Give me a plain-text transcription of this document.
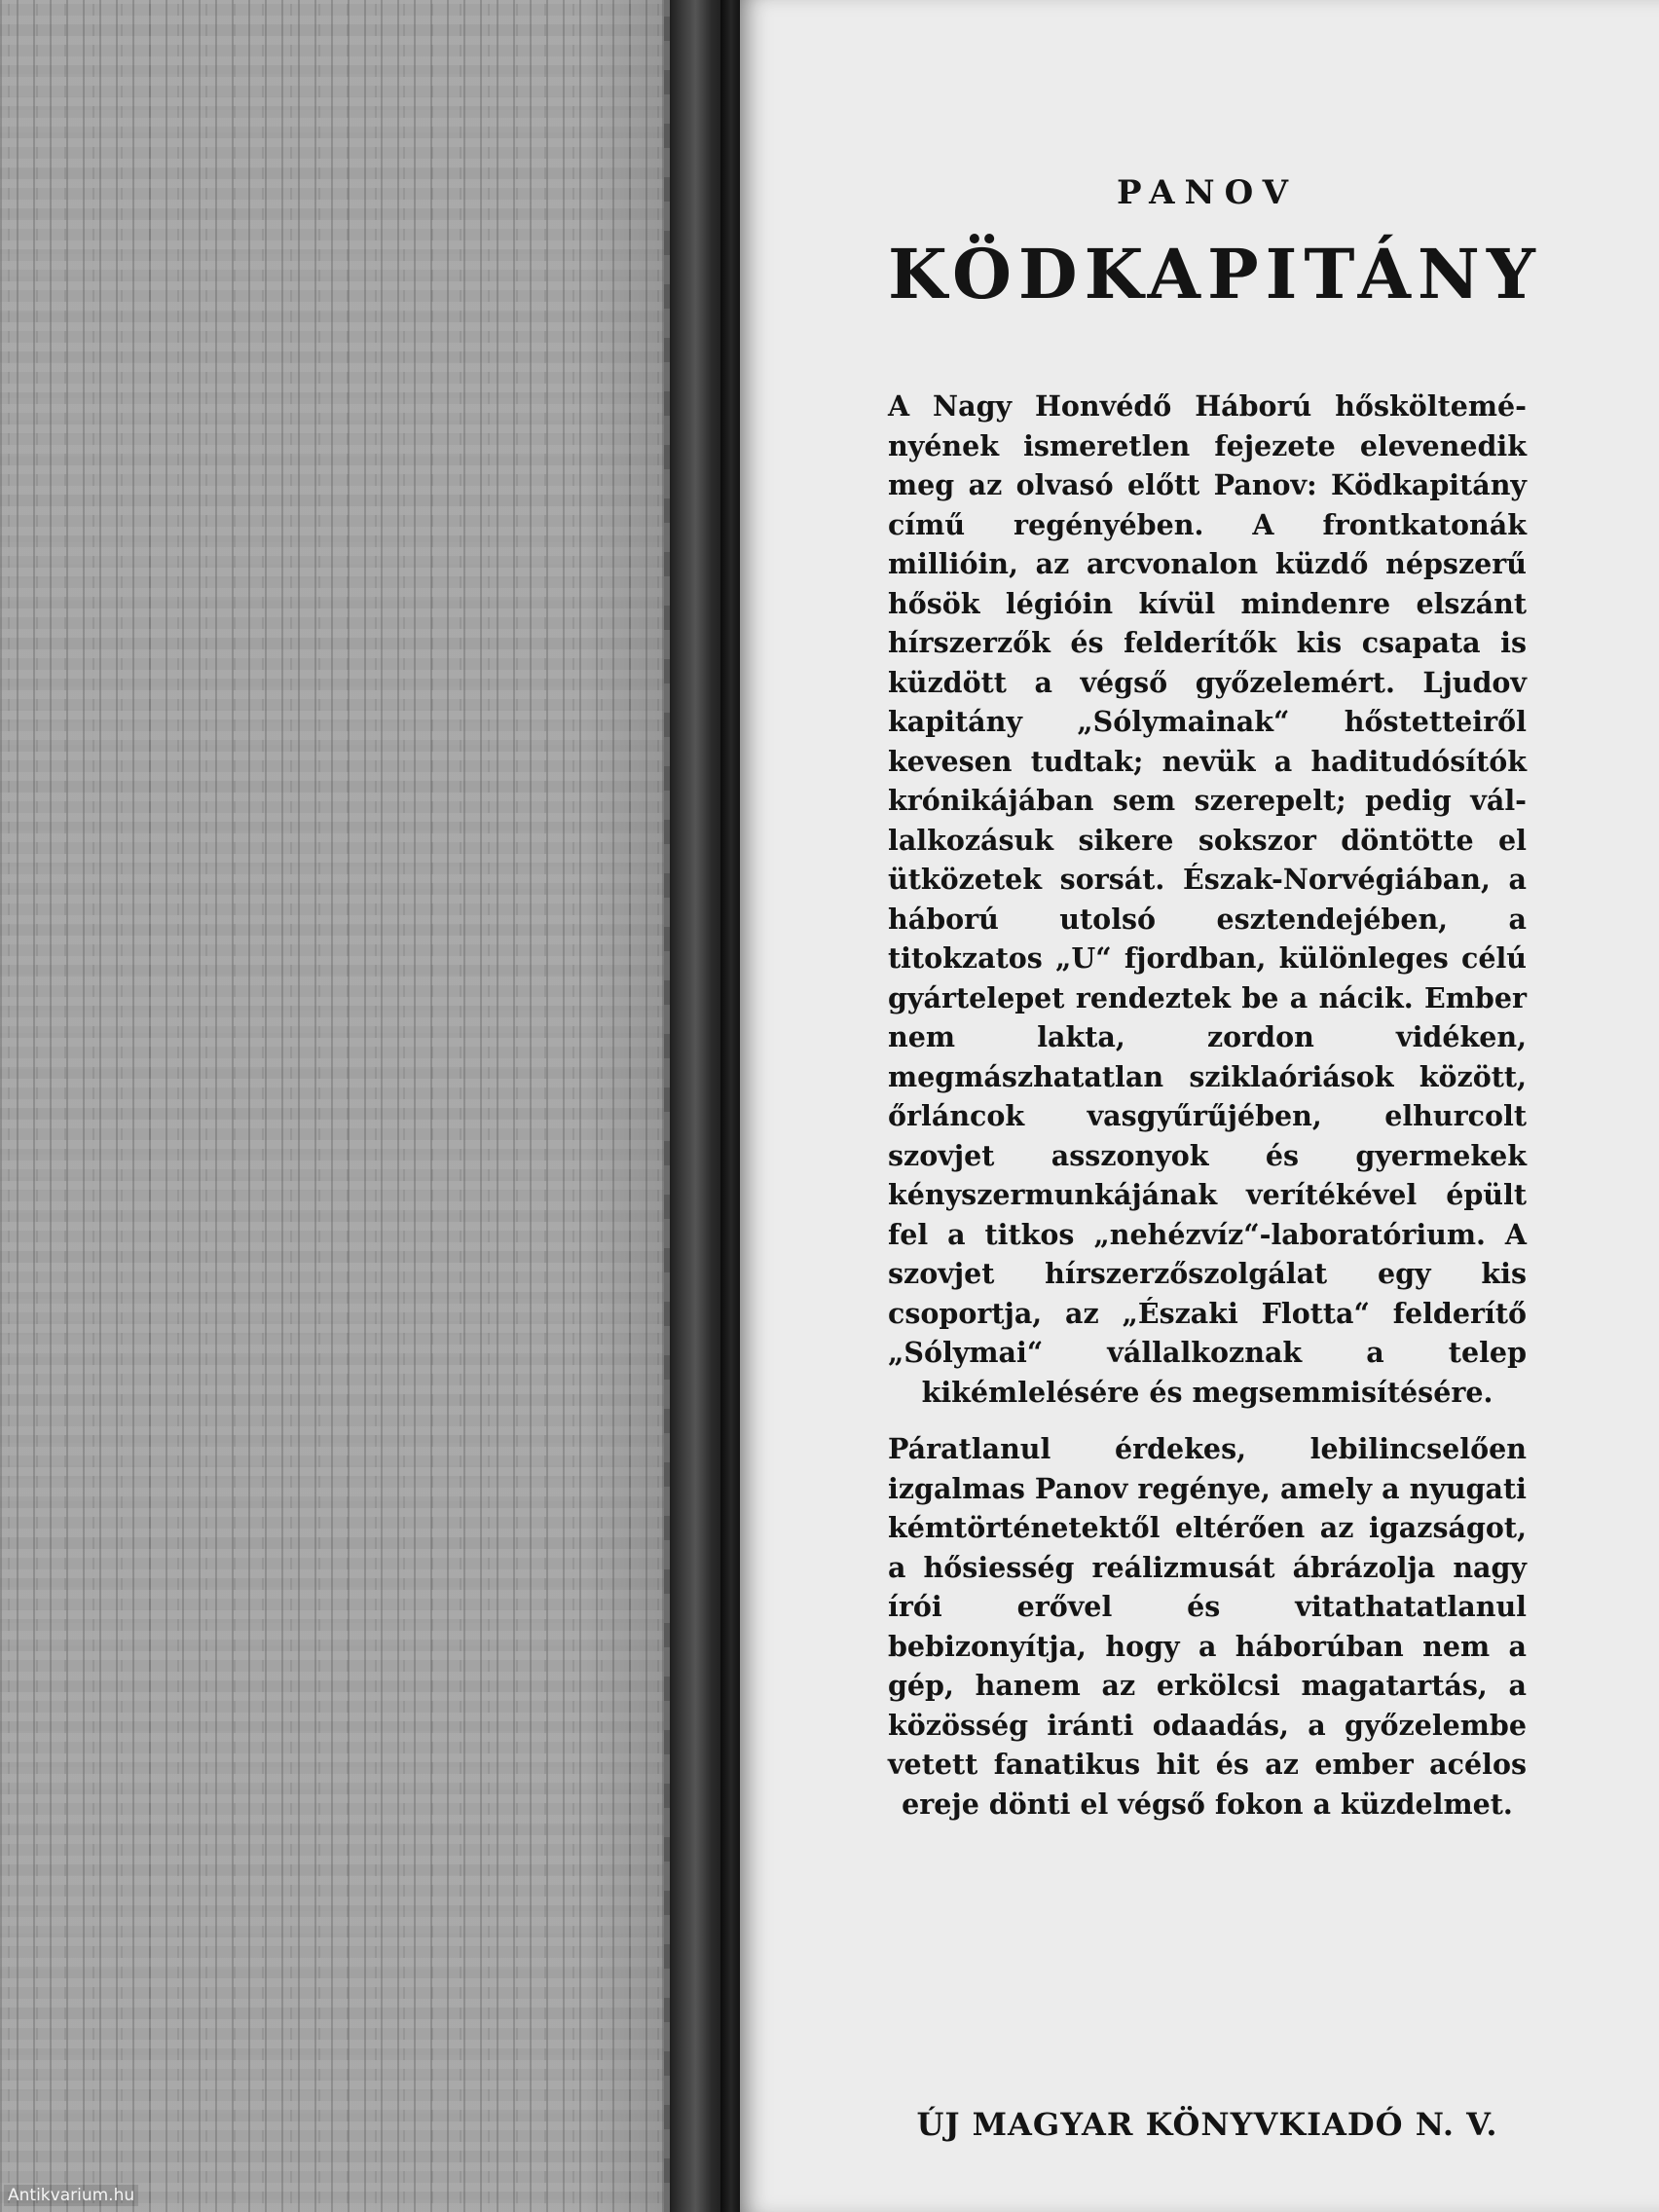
PANOV
KÖDKAPITÁNY

A Nagy Honvédő Háború hőskölteményének ismeretlen fejezete elevenedik meg az olvasó előtt Panov: Ködkapitány című regényében. A frontkatonák millióin, az arcvonalon küzdő népszerű hősök légióin kívül mindenre elszánt hírszerzők és felderítők kis csapata is küzdött a végső győzelemért. Ljudov kapitány „Sólymainak“ hőstetteiről kevesen tudtak; nevük a haditudósítók krónikájában sem szerepelt; pedig vállalkozásuk sikere sokszor döntötte el ütközetek sorsát. Észak-Norvégiában, a háború utolsó esztendejében, a titokzatos „U“ fjordban, különleges célú gyártelepet rendeztek be a nácik. Ember nem lakta, zordon vidéken, megmászhatatlan sziklaóriások között, őrláncok vasgyűrűjében, elhurcolt szovjet asszonyok és gyermekek kényszermunkájának verítékével épült fel a titkos „nehézvíz“-laboratórium. A szovjet hírszerzőszolgálat egy kis csoportja, az „Északi Flotta“ felderítő „Sólymai“ vállalkoznak a telep kikémlelésére és megsemmisítésére.

Páratlanul érdekes, lebilincselően izgalmas Panov regénye, amely a nyugati kémtörténetektől eltérően az igazságot, a hősiesség reálizmusát ábrázolja nagy írói erővel és vitathatatlanul bebizonyítja, hogy a háborúban nem a gép, hanem az erkölcsi magatartás, a közösség iránti odaadás, a győzelembe vetett fanatikus hit és az ember acélos ereje dönti el végső fokon a küzdelmet.

ÚJ MAGYAR KÖNYVKIADÓ N. V.
Antikvarium.hu
